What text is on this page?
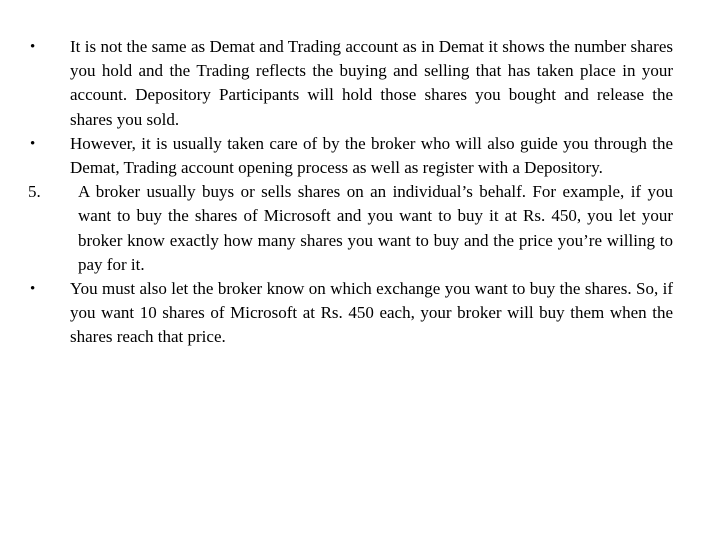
•	It is not the same as Demat and Trading account as in Demat it shows the number shares you hold and the Trading reflects the buying and selling that has taken place in your account. Depository Participants will hold those shares you bought and release the shares you sold.
•	However, it is usually taken care of by the broker who will also guide you through the Demat, Trading account opening process as well as register with a Depository.
5.	A broker usually buys or sells shares on an individual’s behalf. For example, if you want to buy the shares of Microsoft and you want to buy it at Rs. 450, you let your broker know exactly how many shares you want to buy and the price you’re willing to pay for it.
•	You must also let the broker know on which exchange you want to buy the shares. So, if you want 10 shares of Microsoft at Rs. 450 each, your broker will buy them when the shares reach that price.
